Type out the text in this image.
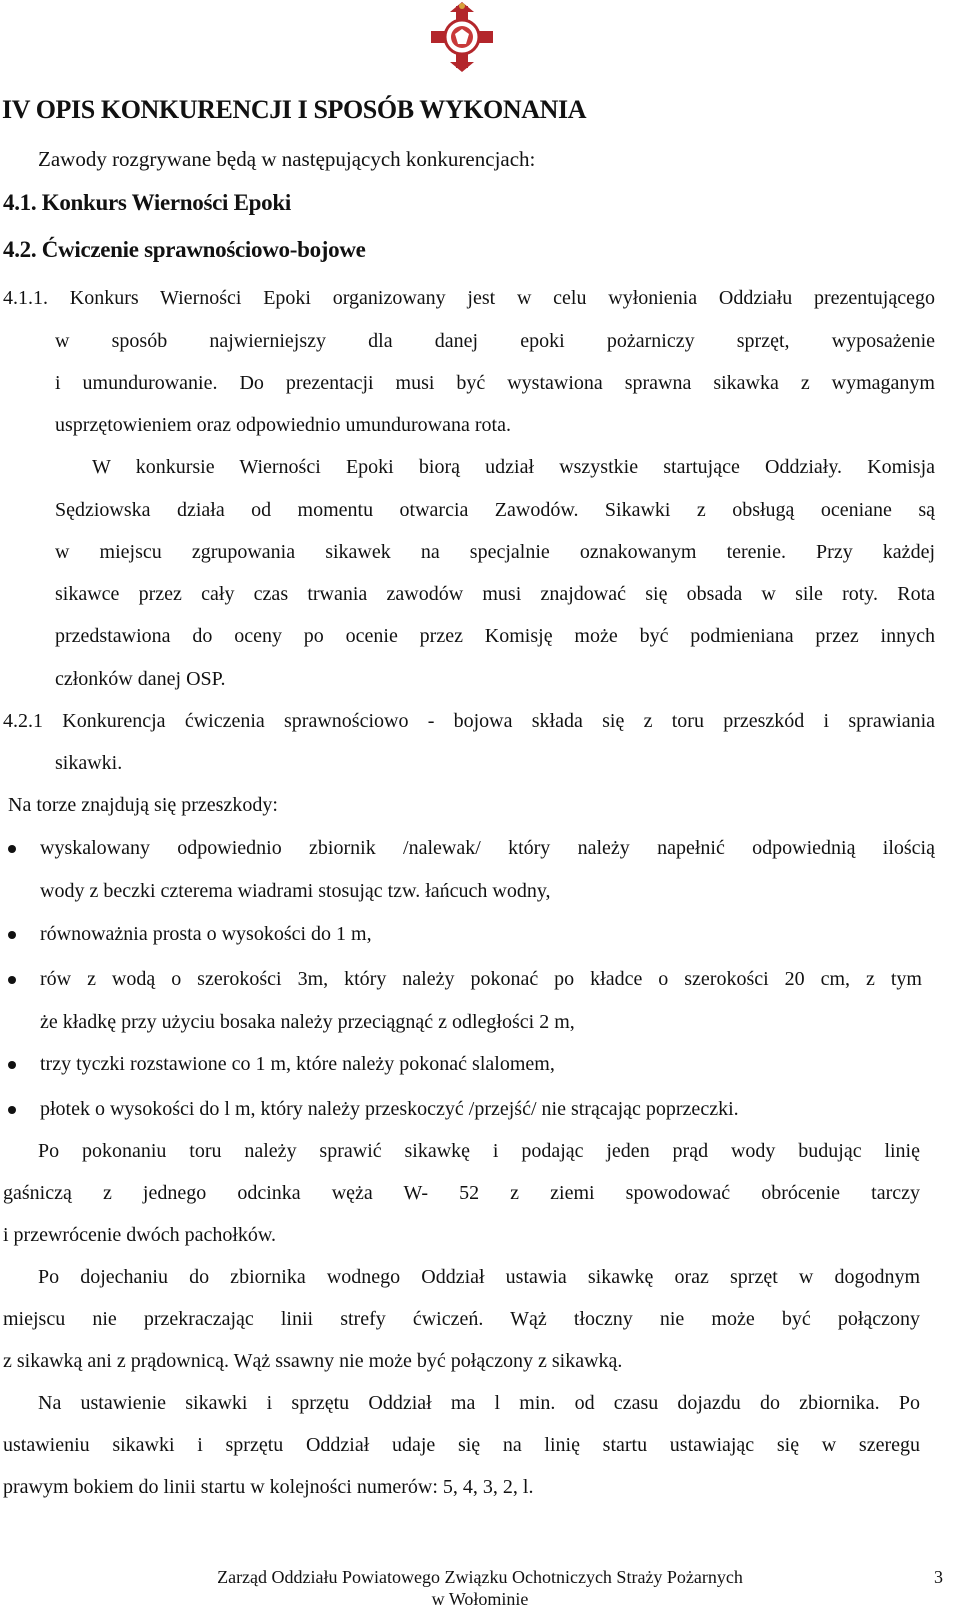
IV OPIS KONKURENCJI I SPOSÓB WYKONANIA
Zawody rozgrywane będą w następujących konkurencjach:
4.1. Konkurs Wierności Epoki
4.2. Ćwiczenie sprawnościowo-bojowe
4.1.1. Konkurs Wierności Epoki organizowany jest w celu wyłonienia Oddziału prezentującego
w sposób najwierniejszy dla danej epoki pożarniczy sprzęt, wyposażenie
i umundurowanie. Do prezentacji musi być wystawiona sprawna sikawka z wymaganym
usprzętowieniem oraz odpowiednio umundurowana rota.
W konkursie Wierności Epoki biorą udział wszystkie startujące Oddziały. Komisja
Sędziowska działa od momentu otwarcia Zawodów. Sikawki z obsługą oceniane są
w miejscu zgrupowania sikawek na specjalnie oznakowanym terenie. Przy każdej
sikawce przez cały czas trwania zawodów musi znajdować się obsada w sile roty. Rota
przedstawiona do oceny po ocenie przez Komisję może być podmieniana przez innych
członków danej OSP.
4.2.1 Konkurencja ćwiczenia sprawnościowo - bojowa składa się z toru przeszkód i sprawiania
sikawki.
Na torze znajdują się przeszkody:
wyskalowany odpowiednio zbiornik /nalewak/ który należy napełnić odpowiednią ilością
wody z beczki czterema wiadrami stosując tzw. łańcuch wodny,
równoważnia prosta o wysokości do 1 m,
rów z wodą o szerokości 3m, który należy pokonać po kładce o szerokości 20 cm, z tym
że kładkę przy użyciu bosaka należy przeciągnąć z odległości 2 m,
trzy tyczki rozstawione co 1 m, które należy pokonać slalomem,
płotek o wysokości do l m, który należy przeskoczyć /przejść/ nie strącając poprzeczki.
Po pokonaniu toru należy sprawić sikawkę i podając jeden prąd wody budując linię
gaśniczą z jednego odcinka węża W- 52 z ziemi spowodować obrócenie tarczy
i przewrócenie dwóch pachołków.
Po dojechaniu do zbiornika wodnego Oddział ustawia sikawkę oraz sprzęt w dogodnym
miejscu nie przekraczając linii strefy ćwiczeń. Wąż tłoczny nie może być połączony
z sikawką ani z prądownicą. Wąż ssawny nie może być połączony z sikawką.
Na ustawienie sikawki i sprzętu Oddział ma l min. od czasu dojazdu do zbiornika. Po
ustawieniu sikawki i sprzętu Oddział udaje się na linię startu ustawiając się w szeregu
prawym bokiem do linii startu w kolejności numerów: 5, 4, 3, 2, l.
Zarząd Oddziału Powiatowego Związku Ochotniczych Straży Pożarnych
w Wołominie
3
